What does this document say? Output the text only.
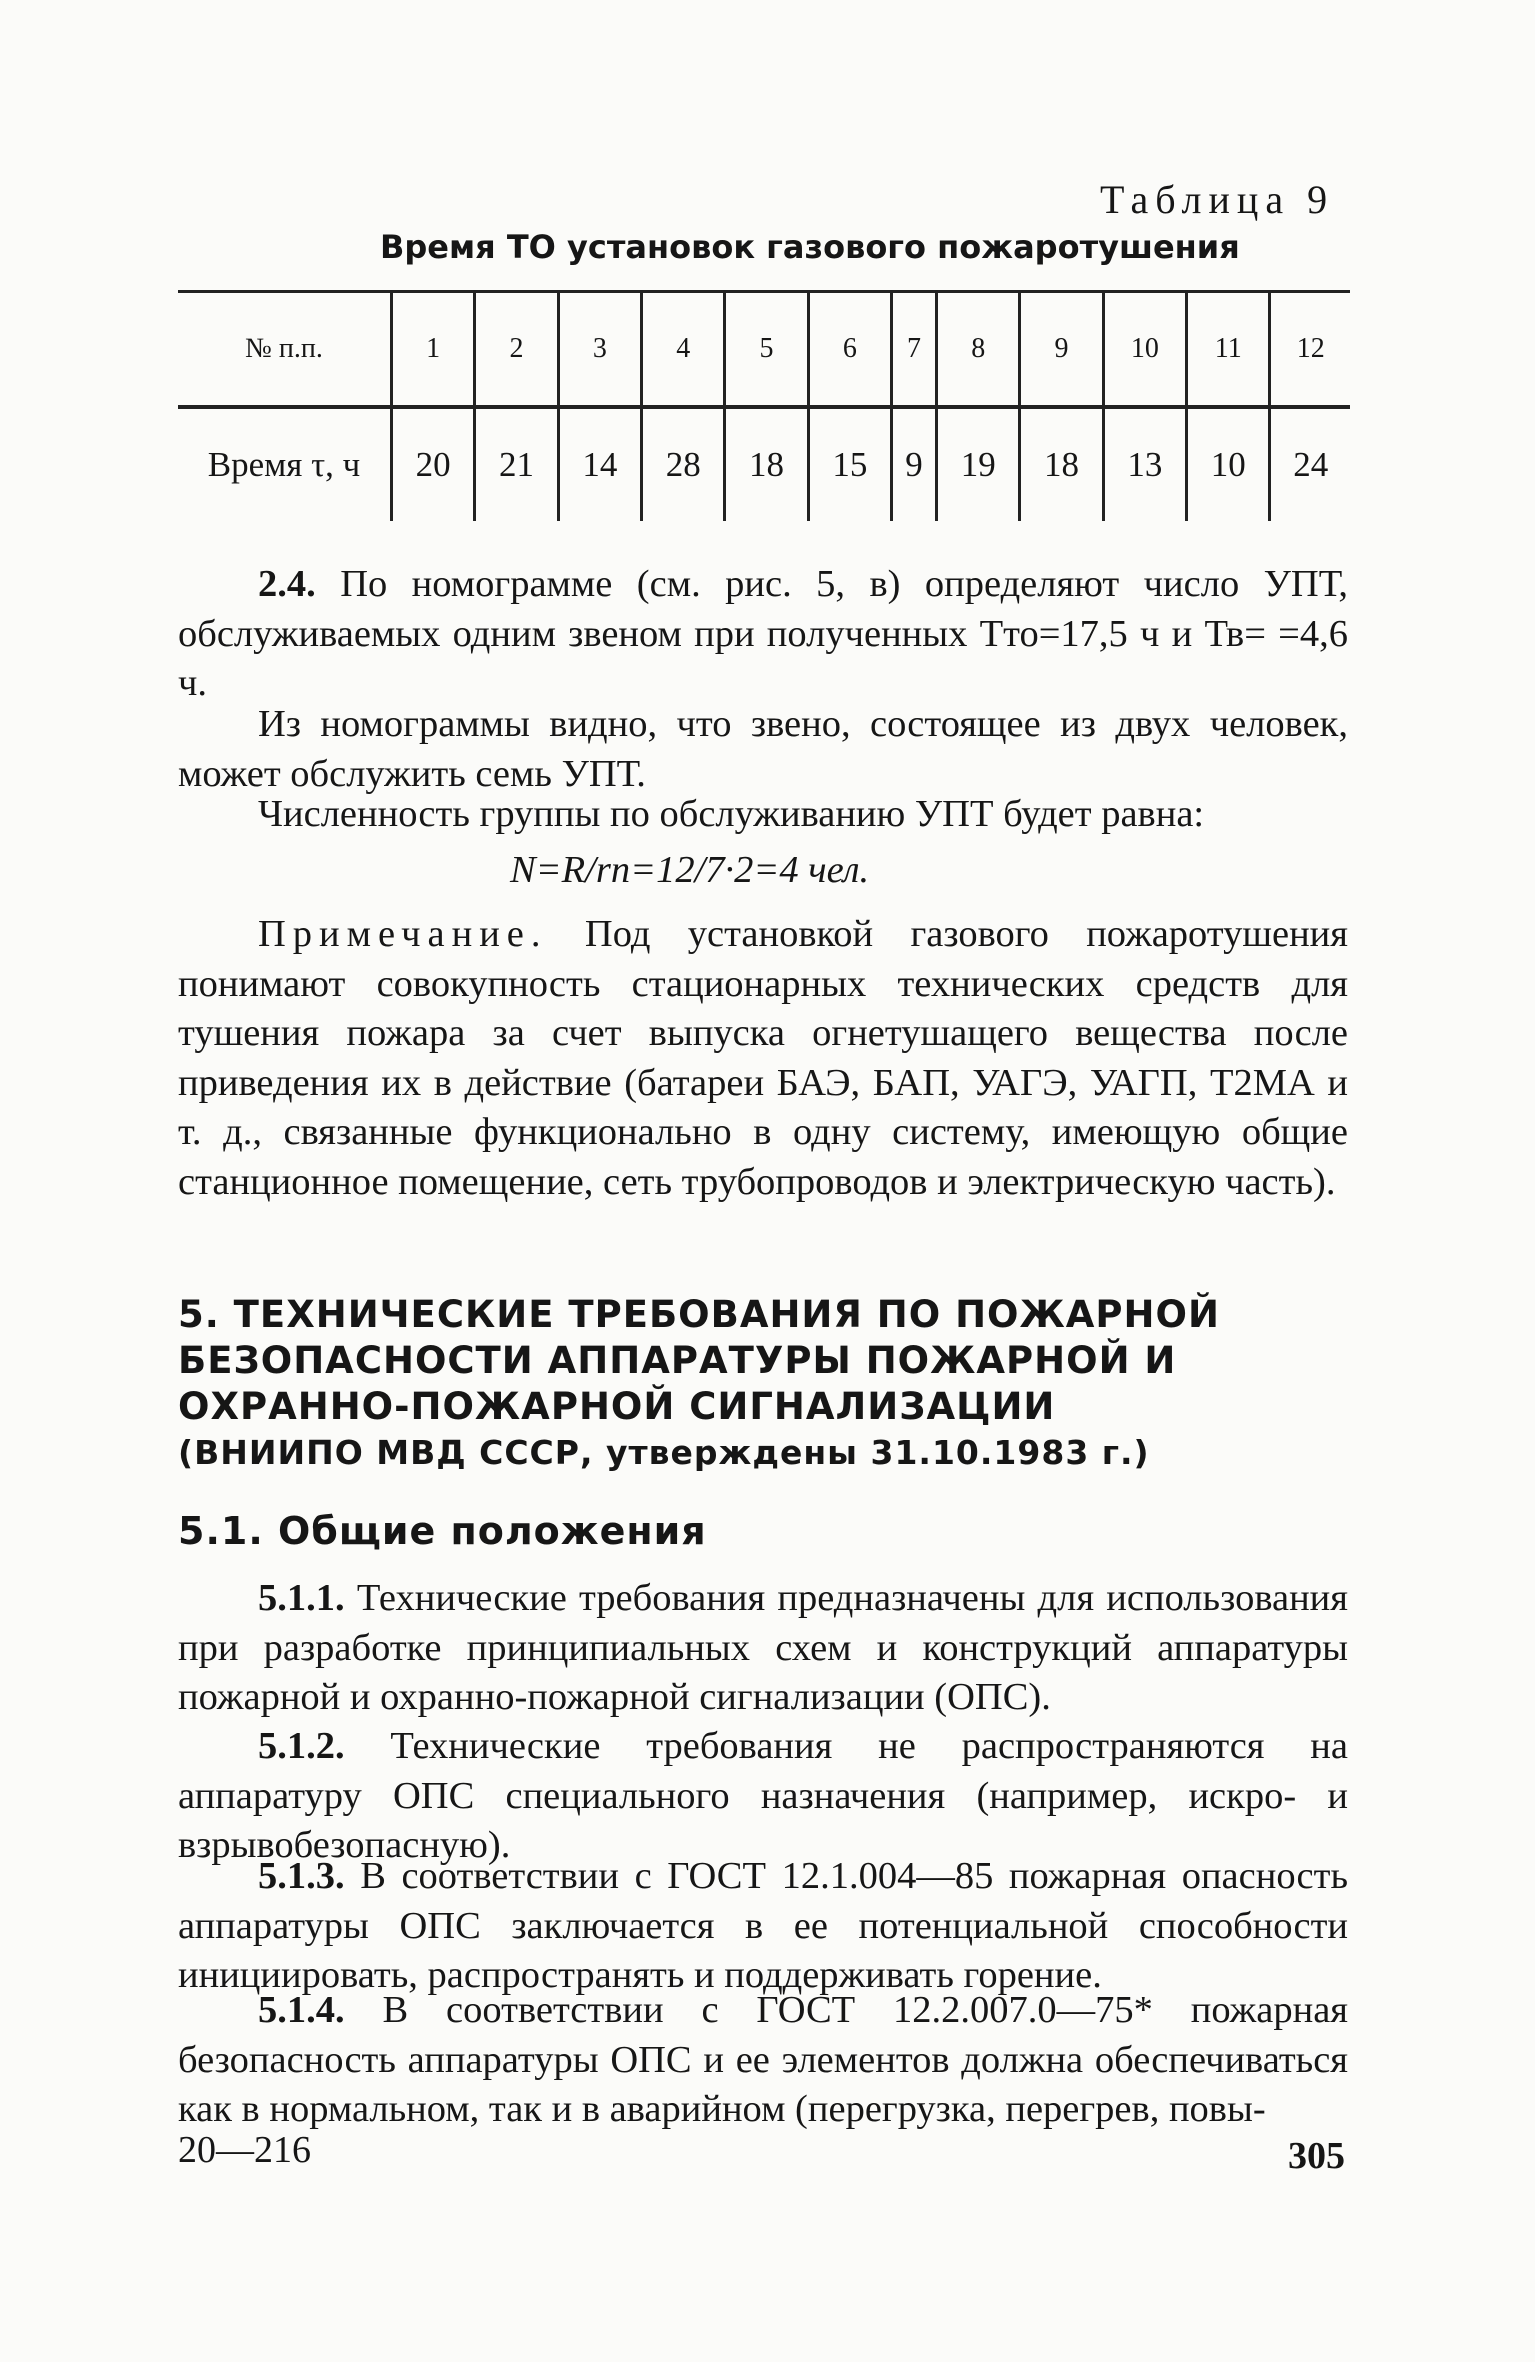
Таблица 9
Время ТО установок газового пожаротушения
№ п.п.	1	2	3	4	5	6	7	8	9	10	11	12
Время τ, ч	20	21	14	28	18	15	9	19	18	13	10	24

2.4. По номограмме (см. рис. 5, в) определяют число УПТ, обслуживаемых одним звеном при полученных Тто=17,5 ч и Тв= =4,6 ч.

Из номограммы видно, что звено, состоящее из двух человек, может обслужить семь УПТ.

Численность группы по обслуживанию УПТ будет равна:

N=R/rn=12/7·2=4 чел.

Примечание. Под установкой газового пожаротушения понимают совокупность стационарных технических средств для тушения пожара за счет выпуска огнетушащего вещества после приведения их в действие (батареи БАЭ, БАП, УАГЭ, УАГП, Т2МА и т. д., связанные функционально в одну систему, имеющую общие станционное помещение, сеть трубопроводов и электрическую часть).

5. ТЕХНИЧЕСКИЕ ТРЕБОВАНИЯ ПО ПОЖАРНОЙ
БЕЗОПАСНОСТИ АППАРАТУРЫ ПОЖАРНОЙ И
ОХРАННО-ПОЖАРНОЙ СИГНАЛИЗАЦИИ
(ВНИИПО МВД СССР, утверждены 31.10.1983 г.)
5.1. Общие положения

5.1.1. Технические требования предназначены для использования при разработке принципиальных схем и конструкций аппаратуры пожарной и охранно-пожарной сигнализации (ОПС).

5.1.2. Технические требования не распространяются на аппаратуру ОПС специального назначения (например, искро- и взрывобезопасную).

5.1.3. В соответствии с ГОСТ 12.1.004—85 пожарная опасность аппаратуры ОПС заключается в ее потенциальной способности инициировать, распространять и поддерживать горение.

5.1.4. В соответствии с ГОСТ 12.2.007.0—75* пожарная безопасность аппаратуры ОПС и ее элементов должна обеспечиваться как в нормальном, так и в аварийном (перегрузка, перегрев, повы-

20—216	305
